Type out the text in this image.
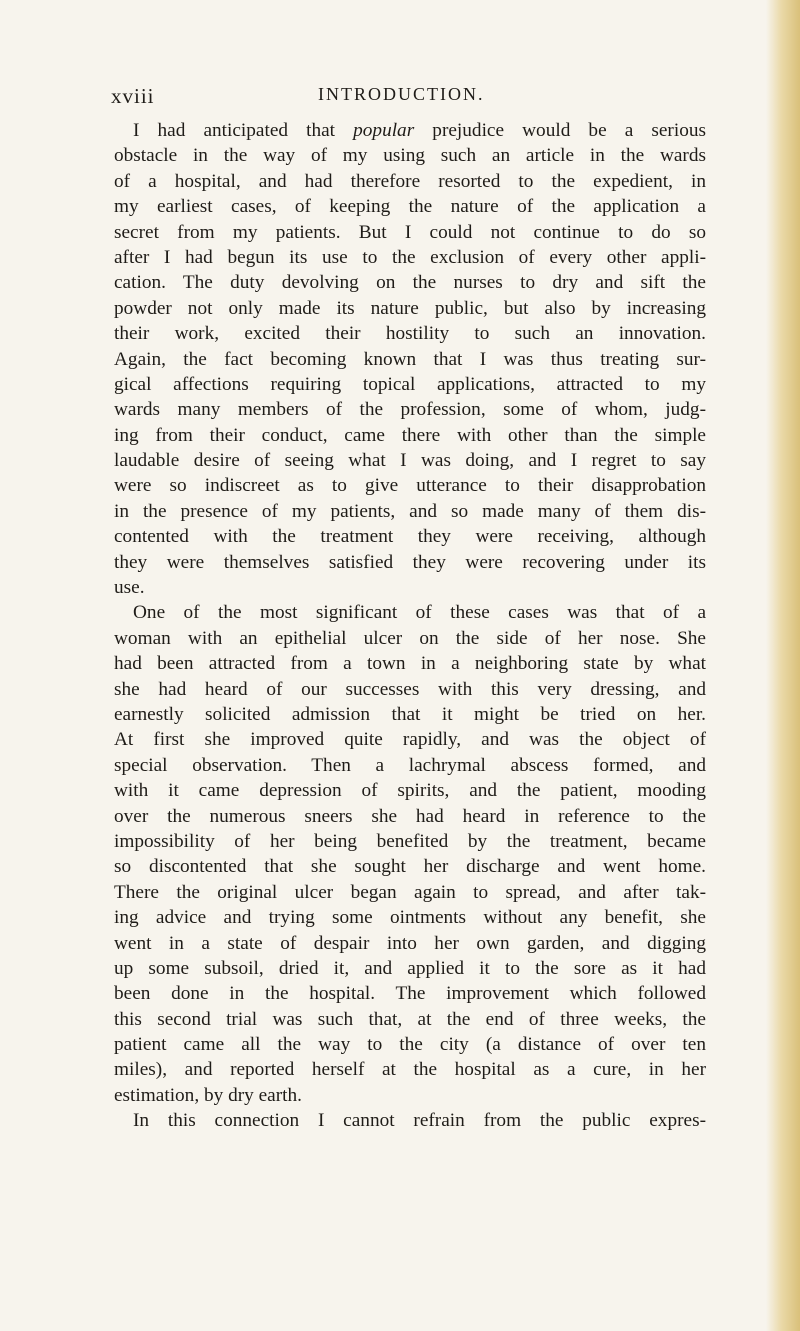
xviii	INTRODUCTION.
I had anticipated that popular prejudice would be a serious
obstacle in the way of my using such an article in the wards
of a hospital, and had therefore resorted to the expedient, in
my earliest cases, of keeping the nature of the application a
secret from my patients. But I could not continue to do so
after I had begun its use to the exclusion of every other appli-
cation. The duty devolving on the nurses to dry and sift the
powder not only made its nature public, but also by increasing
their work, excited their hostility to such an innovation.
Again, the fact becoming known that I was thus treating sur-
gical affections requiring topical applications, attracted to my
wards many members of the profession, some of whom, judg-
ing from their conduct, came there with other than the simple
laudable desire of seeing what I was doing, and I regret to say
were so indiscreet as to give utterance to their disapprobation
in the presence of my patients, and so made many of them dis-
contented with the treatment they were receiving, although
they were themselves satisfied they were recovering under its
use.
One of the most significant of these cases was that of a
woman with an epithelial ulcer on the side of her nose. She
had been attracted from a town in a neighboring state by what
she had heard of our successes with this very dressing, and
earnestly solicited admission that it might be tried on her.
At first she improved quite rapidly, and was the object of
special observation. Then a lachrymal abscess formed, and
with it came depression of spirits, and the patient, mooding
over the numerous sneers she had heard in reference to the
impossibility of her being benefited by the treatment, became
so discontented that she sought her discharge and went home.
There the original ulcer began again to spread, and after tak-
ing advice and trying some ointments without any benefit, she
went in a state of despair into her own garden, and digging
up some subsoil, dried it, and applied it to the sore as it had
been done in the hospital. The improvement which followed
this second trial was such that, at the end of three weeks, the
patient came all the way to the city (a distance of over ten
miles), and reported herself at the hospital as a cure, in her
estimation, by dry earth.
In this connection I cannot refrain from the public expres-
